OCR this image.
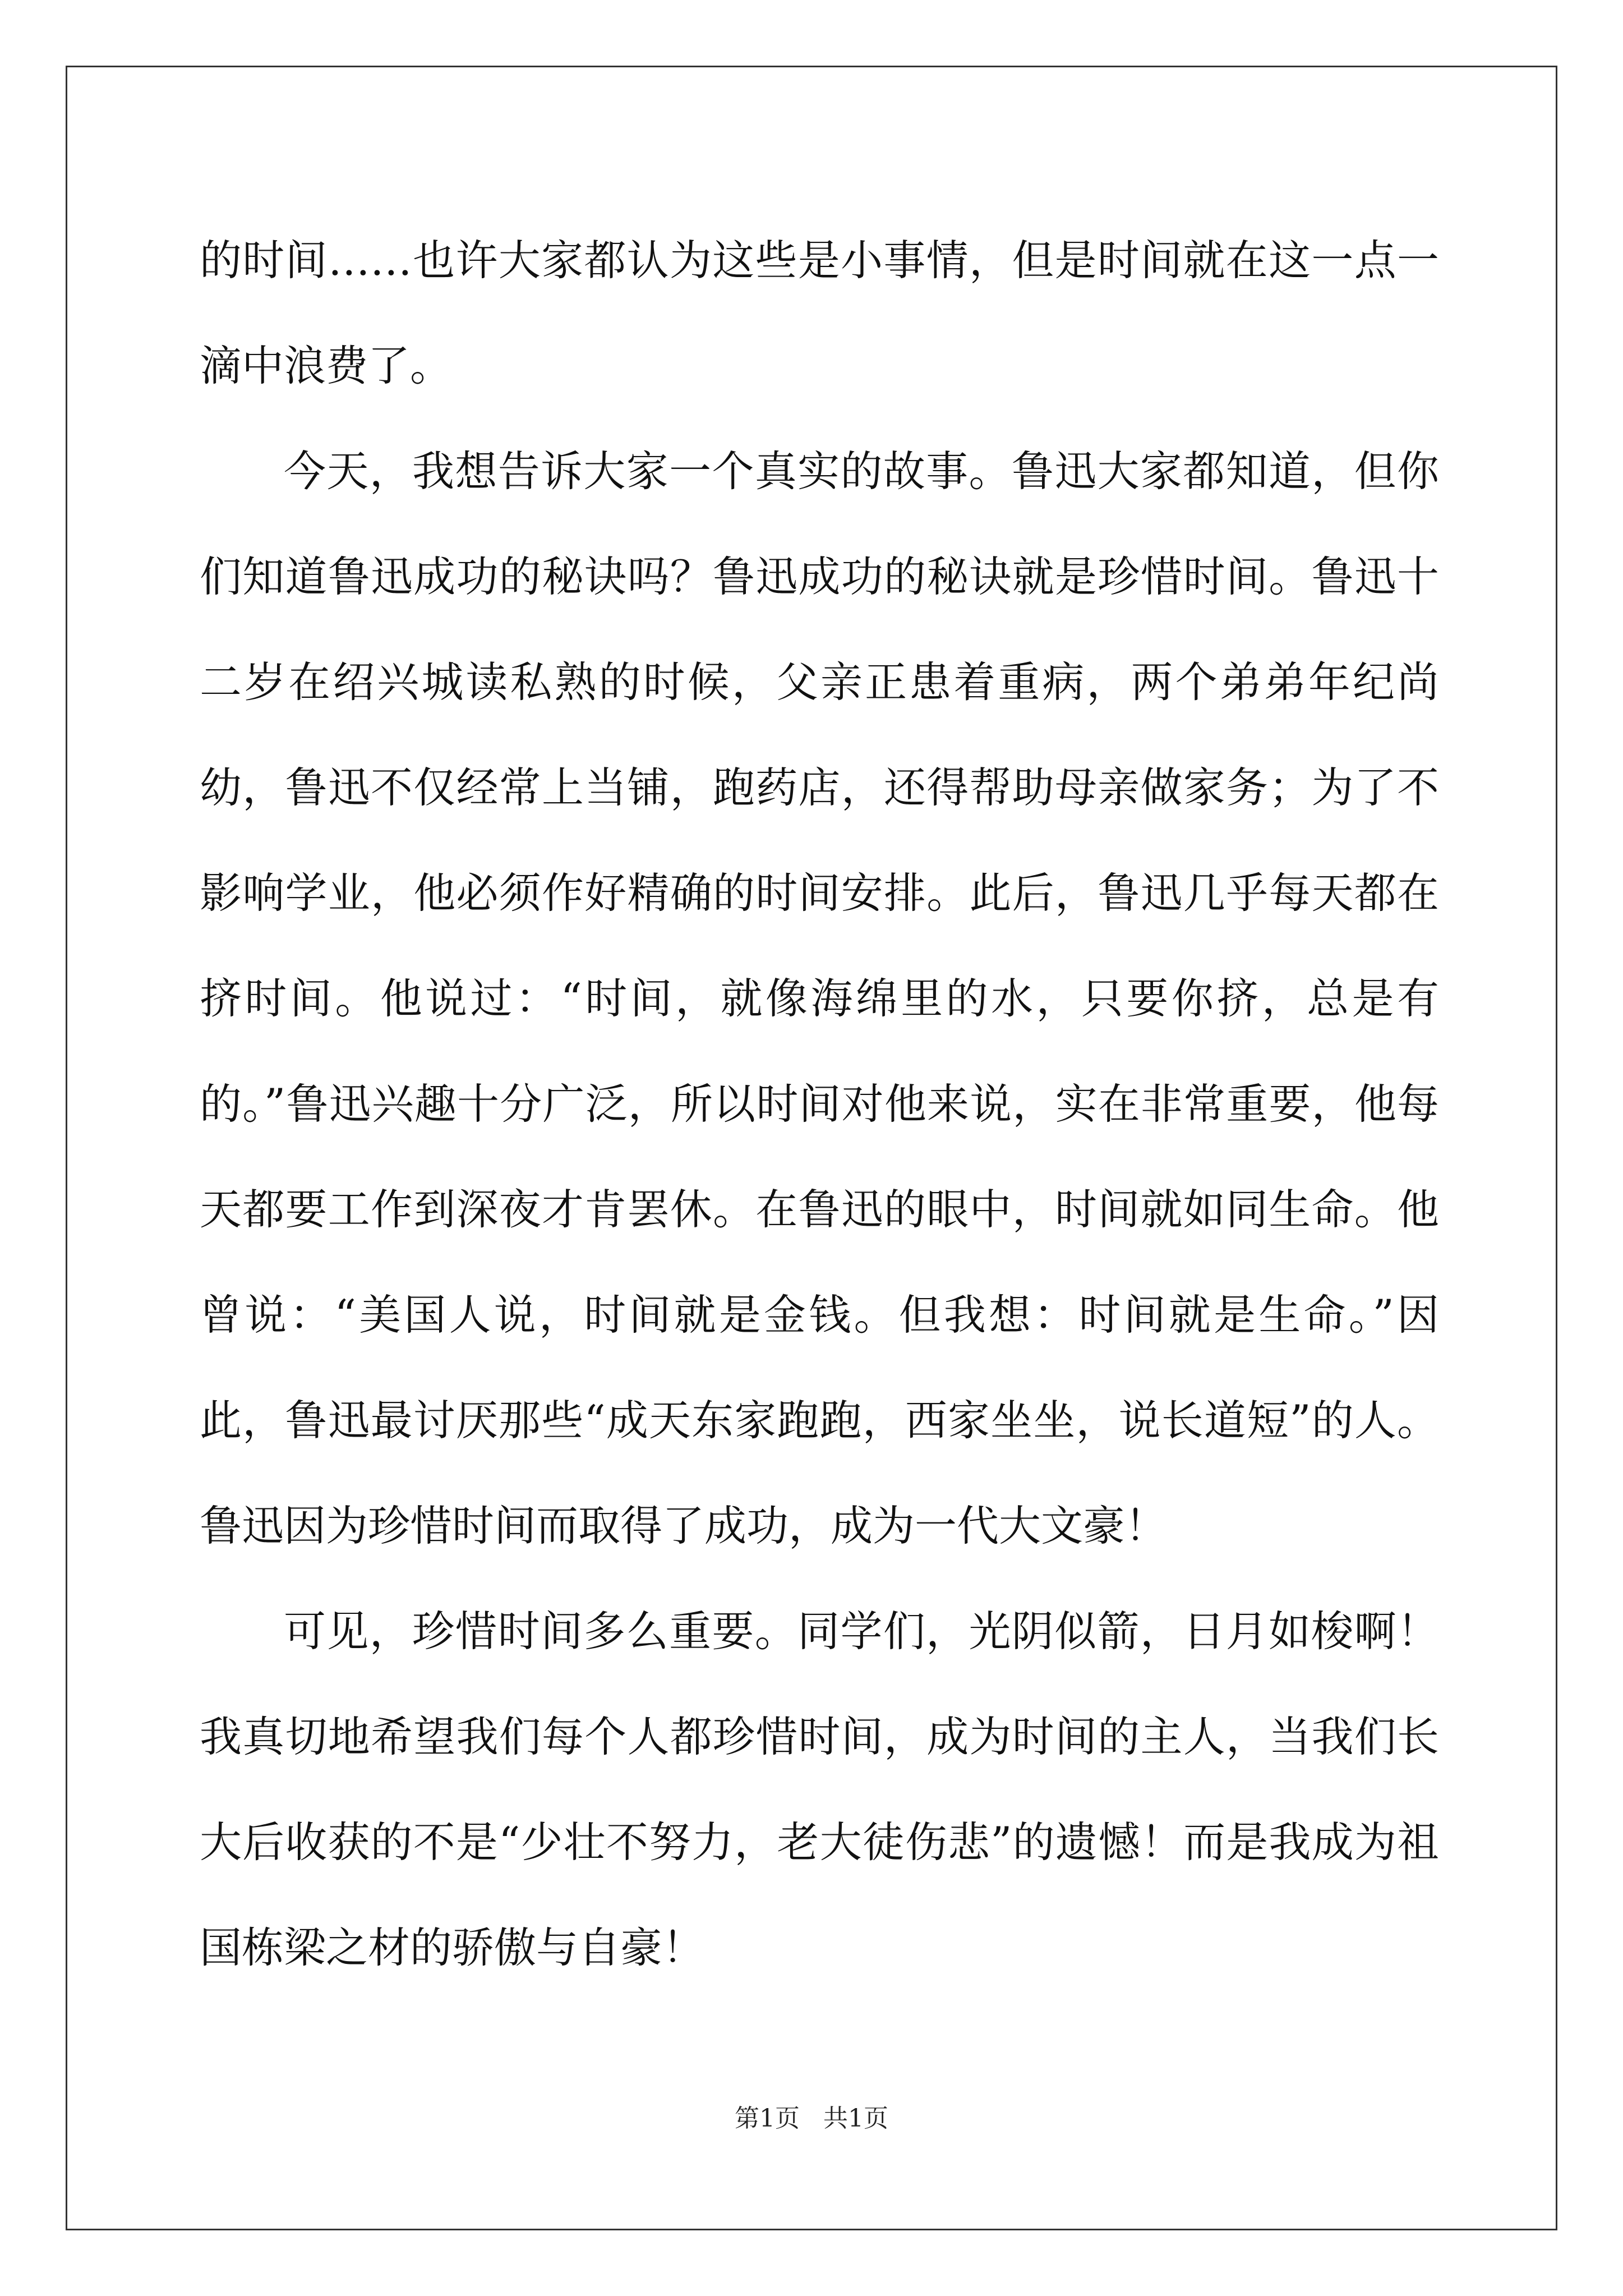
的时间……也许大家都认为这些是小事情，但是时间就在这一点一滴中浪费了。

今天，我想告诉大家一个真实的故事。鲁迅大家都知道，但你们知道鲁迅成功的秘诀吗？鲁迅成功的秘诀就是珍惜时间。鲁迅十二岁在绍兴城读私熟的时候，父亲正患着重病，两个弟弟年纪尚幼，鲁迅不仅经常上当铺，跑药店，还得帮助母亲做家务；为了不影响学业，他必须作好精确的时间安排。此后，鲁迅几乎每天都在挤时间。他说过：“时间，就像海绵里的水，只要你挤，总是有的。”鲁迅兴趣十分广泛，所以时间对他来说，实在非常重要，他每天都要工作到深夜才肯罢休。在鲁迅的眼中，时间就如同生命。他曾说：“美国人说，时间就是金钱。但我想：时间就是生命。”因此，鲁迅最讨厌那些“成天东家跑跑，西家坐坐，说长道短”的人。鲁迅因为珍惜时间而取得了成功，成为一代大文豪！

可见，珍惜时间多么重要。同学们，光阴似箭，日月如梭啊！我真切地希望我们每个人都珍惜时间，成为时间的主人，当我们长大后收获的不是“少壮不努力，老大徒伤悲”的遗憾！而是我成为祖国栋梁之材的骄傲与自豪！

第1页   共1页
